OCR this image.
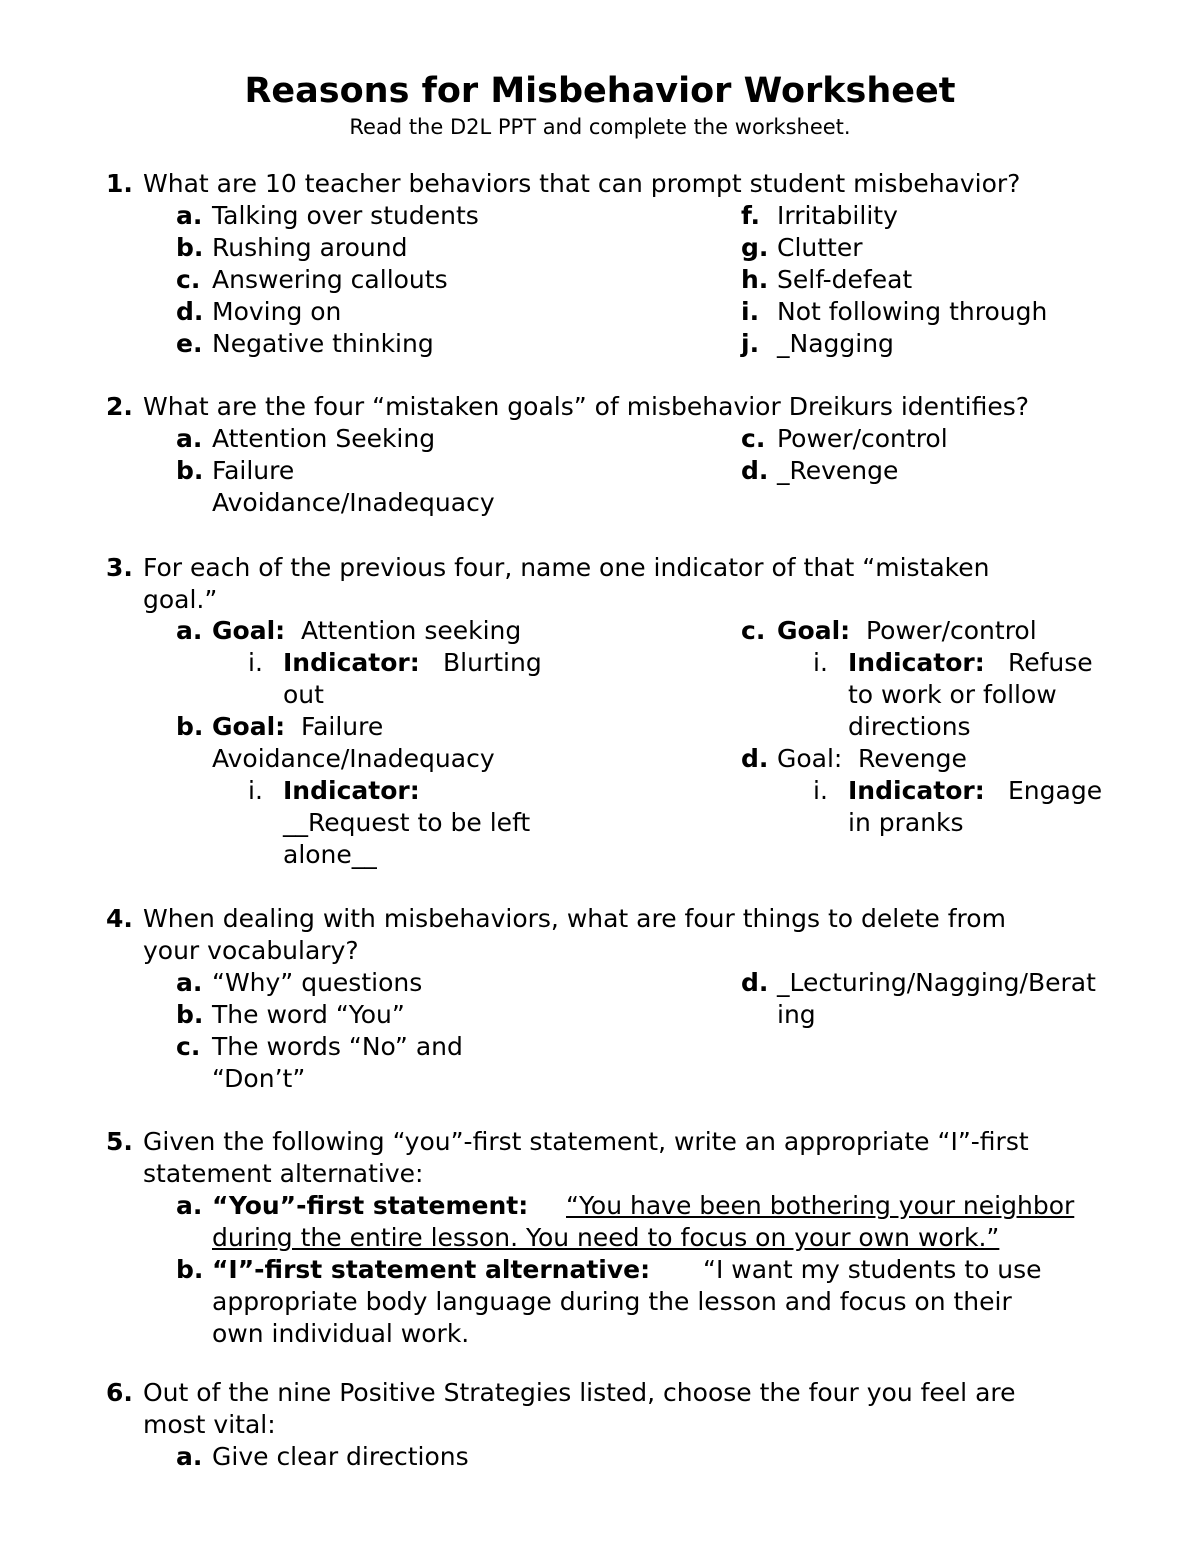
Reasons for Misbehavior Worksheet
Read the D2L PPT and complete the worksheet.
1. What are 10 teacher behaviors that can prompt student misbehavior?
a. Talking over students
b. Rushing around
c. Answering callouts
d. Moving on
e. Negative thinking
f. Irritability
g. Clutter
h. Self-defeat
i. Not following through
j. _Nagging
2. What are the four “mistaken goals” of misbehavior Dreikurs identifies?
a. Attention Seeking
b. Failure
Avoidance/Inadequacy
c. Power/control
d. _Revenge
3. For each of the previous four, name one indicator of that “mistaken
goal.”
a. Goal: Attention seeking
i. Indicator: Blurting
out
b. Goal: Failure
Avoidance/Inadequacy
i. Indicator:
__Request to be left
alone__
c. Goal: Power/control
i. Indicator: Refuse
to work or follow
directions
d. Goal: Revenge
i. Indicator: Engage
in pranks
4. When dealing with misbehaviors, what are four things to delete from
your vocabulary?
a. “Why” questions
b. The word “You”
c. The words “No” and
“Don’t”
d. _Lecturing/Nagging/Berat
ing
5. Given the following “you”-first statement, write an appropriate “I”-first
statement alternative:
a. “You”-first statement: “You have been bothering your neighbor
during the entire lesson. You need to focus on your own work.”
b. “I”-first statement alternative: “I want my students to use
appropriate body language during the lesson and focus on their
own individual work.
6. Out of the nine Positive Strategies listed, choose the four you feel are
most vital:
a. Give clear directions
